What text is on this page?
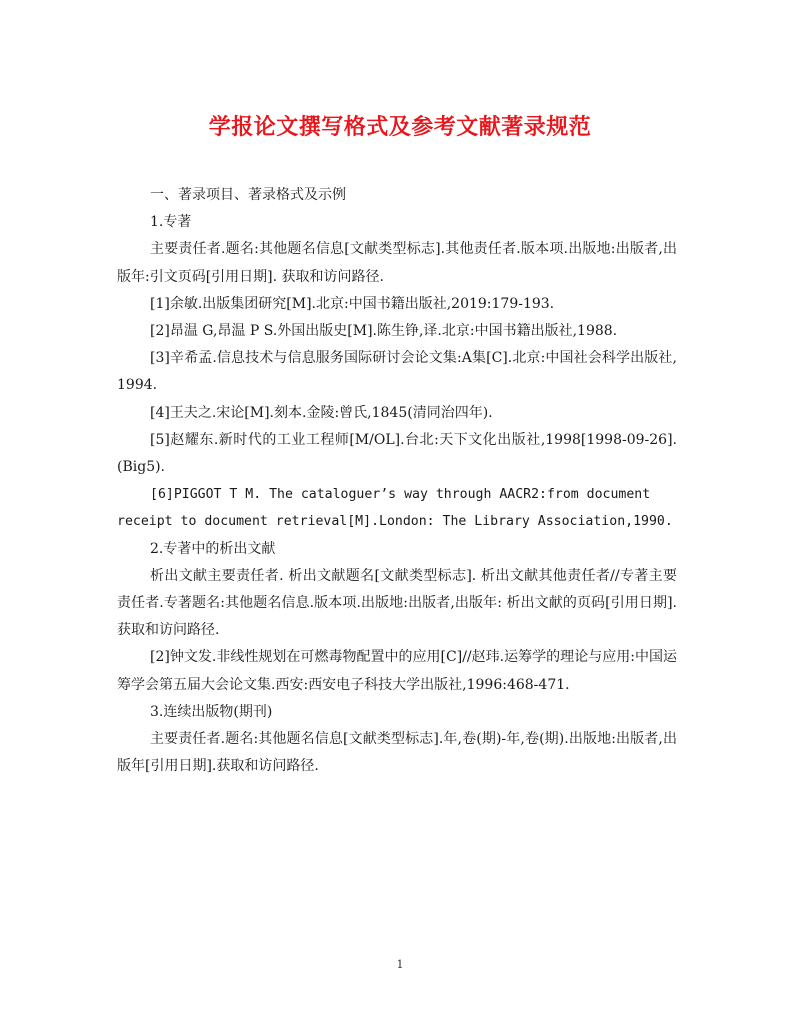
学报论文撰写格式及参考文献著录规范

一、著录项目、著录格式及示例

1.专著

主要责任者.题名:其他题名信息[文献类型标志].其他责任者.版本项.出版地:出版者,出版年:引文页码[引用日期]. 获取和访问路径.

[1]余敏.出版集团研究[M].北京:中国书籍出版社,2019:179-193.

[2]昂温 G,昂温 P S.外国出版史[M].陈生铮,译.北京:中国书籍出版社,1988.

[3]辛希孟.信息技术与信息服务国际研讨会论文集:A集[C].北京:中国社会科学出版社,1994.

[4]王夫之.宋论[M].刻本.金陵:曾氏,1845(清同治四年).

[5]赵耀东.新时代的工业工程师[M/OL].台北:天下文化出版社,1998[1998-09-26].(Big5).

[6]PIGGOT T M. The cataloguer’s way through AACR2:from document receipt to document retrieval[M].London: The Library Association,1990.

2.专著中的析出文献

析出文献主要责任者. 析出文献题名[文献类型标志]. 析出文献其他责任者//专著主要责任者.专著题名:其他题名信息.版本项.出版地:出版者,出版年: 析出文献的页码[引用日期].获取和访问路径.

[2]钟文发.非线性规划在可燃毒物配置中的应用[C]//赵玮.运筹学的理论与应用:中国运筹学会第五届大会论文集.西安:西安电子科技大学出版社,1996:468-471.

3.连续出版物(期刊)

主要责任者.题名:其他题名信息[文献类型标志].年,卷(期)-年,卷(期).出版地:出版者,出版年[引用日期].获取和访问路径.

1
